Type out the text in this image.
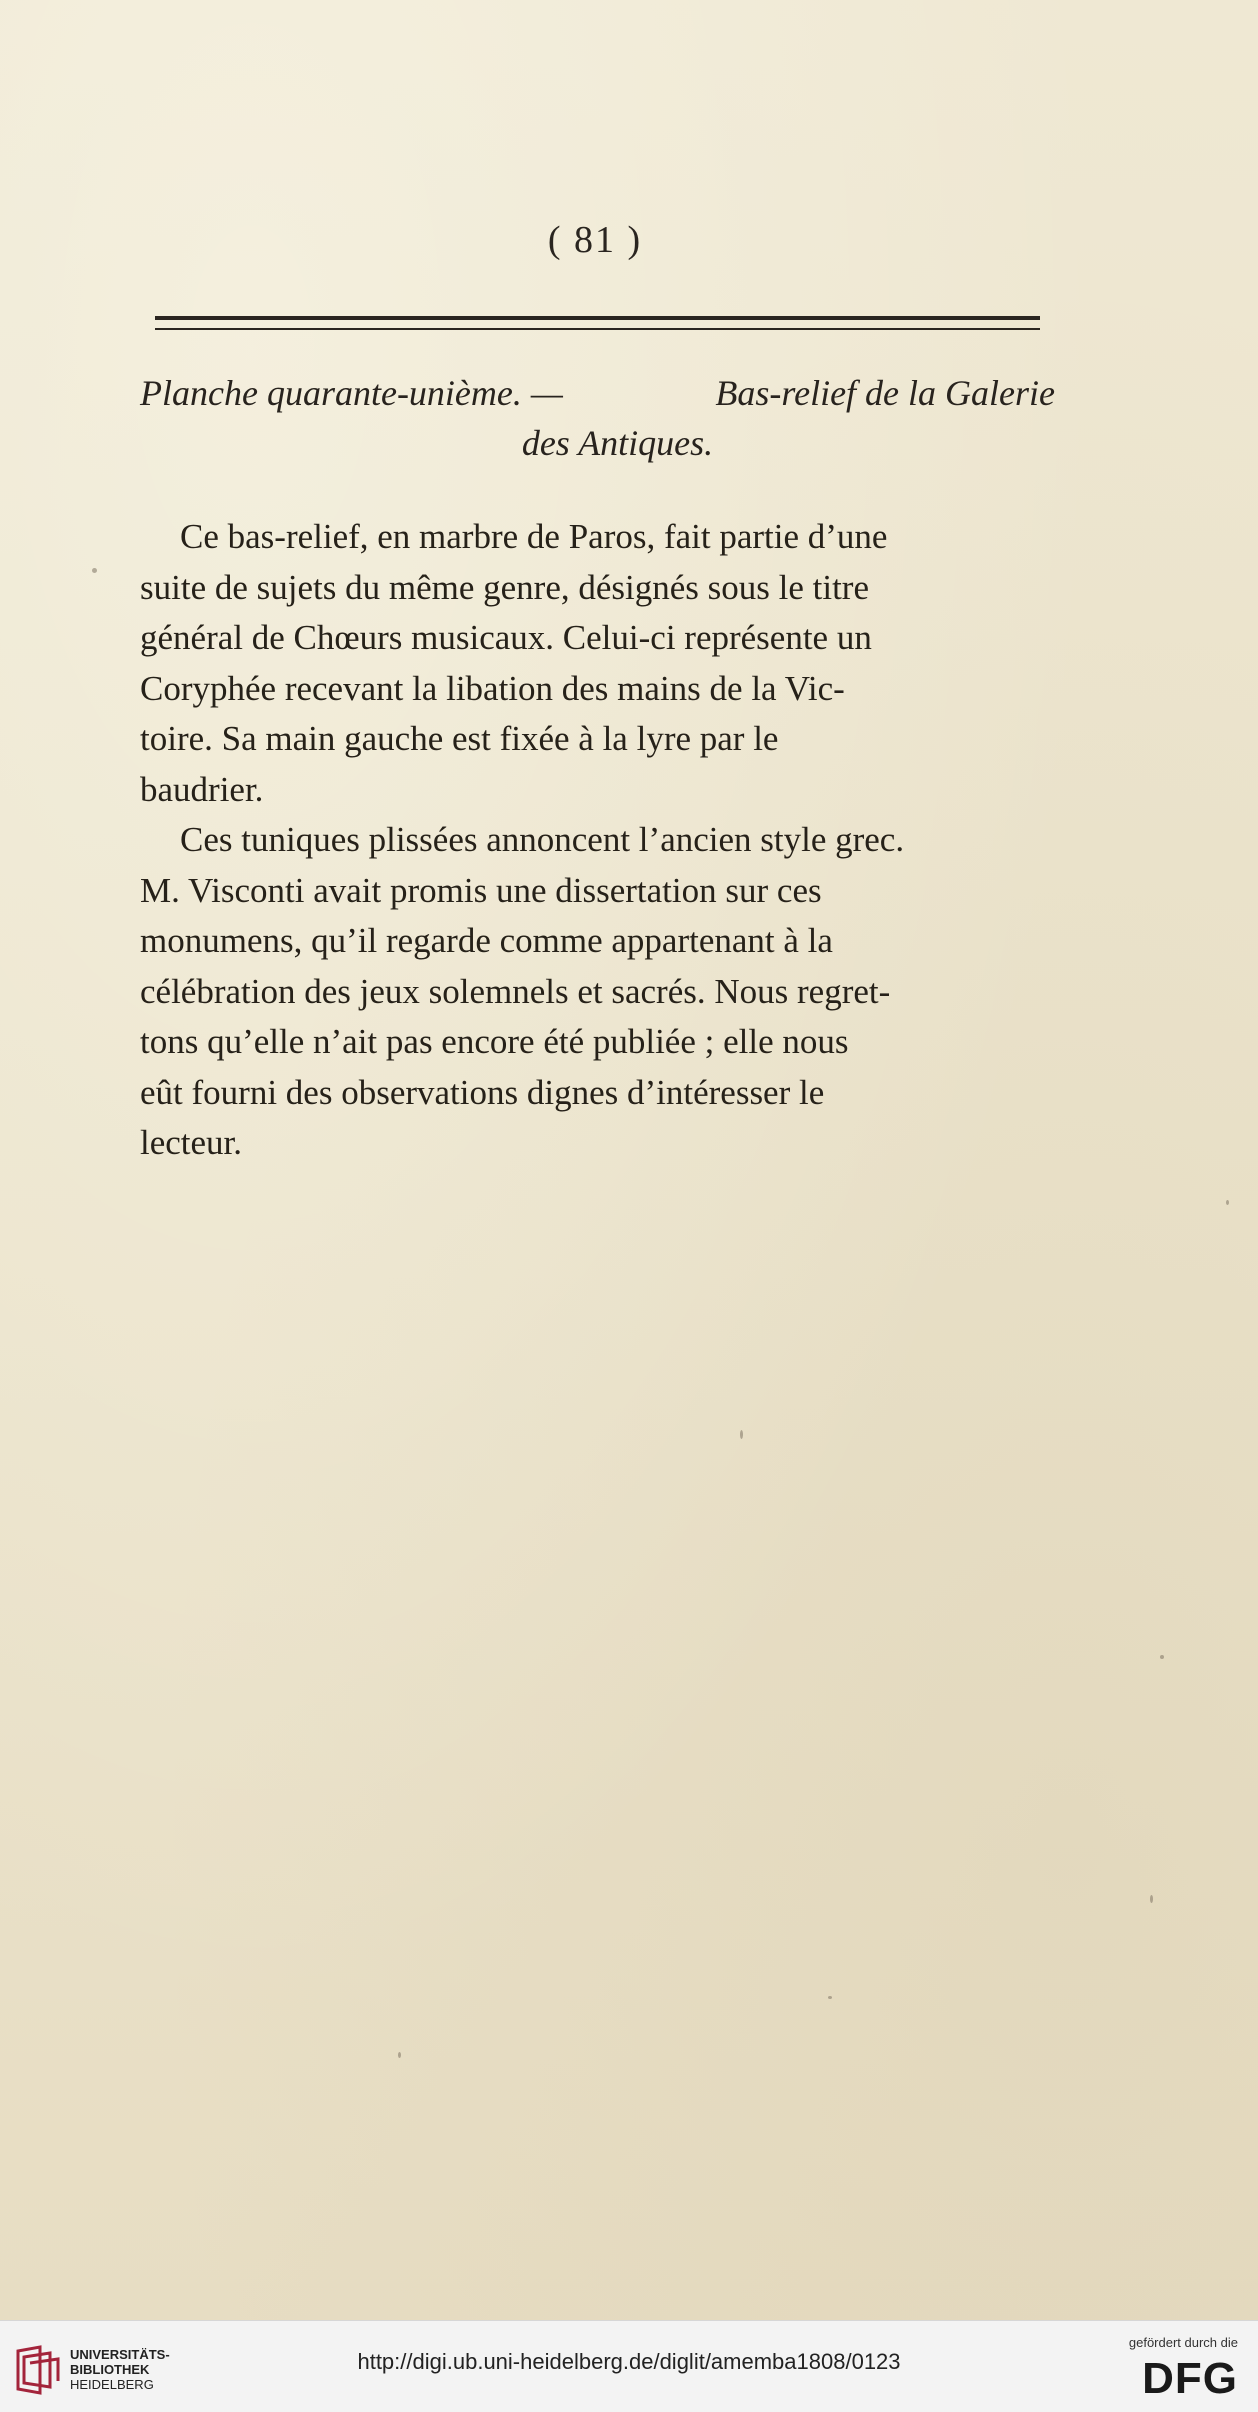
( 81 )
Planche quarante-unième. —	Bas-relief de la Galerie
des Antiques.
Ce bas-relief, en marbre de Paros, fait partie d’une
suite de sujets du même genre, désignés sous le titre
général de Chœurs musicaux. Celui-ci représente un
Coryphée recevant la libation des mains de la Vic-
toire. Sa main gauche est fixée à la lyre par le
baudrier.
Ces tuniques plissées annoncent l’ancien style grec.
M. Visconti avait promis une dissertation sur ces
monumens, qu’il regarde comme appartenant à la
célébration des jeux solemnels et sacrés. Nous regret-
tons qu’elle n’ait pas encore été publiée ; elle nous
eût fourni des observations dignes d’intéresser le
lecteur.
UNIVERSITÄTS-
BIBLIOTHEK
HEIDELBERG
http://digi.ub.uni-heidelberg.de/diglit/amemba1808/0123
gefördert durch die
DFG
